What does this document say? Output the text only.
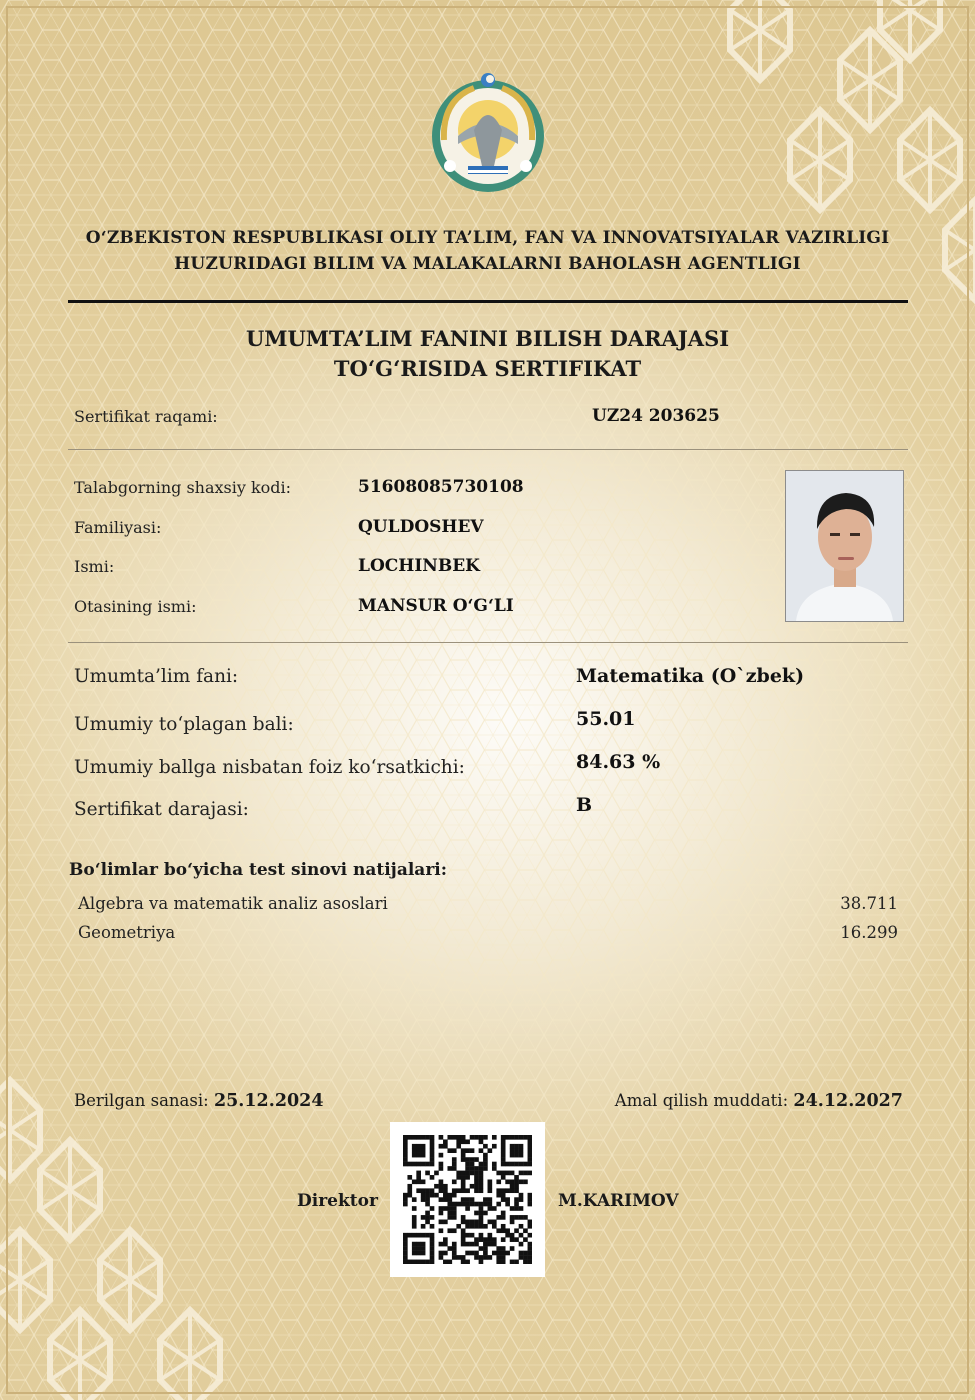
O‘ZBEKISTON RESPUBLIKASI OLIY TA’LIM, FAN VA INNOVATSIYALAR VAZIRLIGI
HUZURIDAGI BILIM VA MALAKALARNI BAHOLASH AGENTLIGI
UMUMTA’LIM FANINI BILISH DARAJASI
TO‘G‘RISIDA SERTIFIKAT
Sertifikat raqami:	UZ24 203625
Talabgorning shaxsiy kodi:	51608085730108
Familiyasi:	QULDOSHEV
Ismi:	LOCHINBEK
Otasining ismi:	MANSUR O‘G‘LI
Umumta’lim fani:	Matematika (O`zbek)
Umumiy to‘plagan bali:	55.01
Umumiy ballga nisbatan foiz ko‘rsatkichi:	84.63 %
Sertifikat darajasi:	B
Bo‘limlar bo‘yicha test sinovi natijalari:
Algebra va matematik analiz asoslari	38.711
Geometriya	16.299
Berilgan sanasi: 25.12.2024	Amal qilish muddati: 24.12.2027
Direktor	M.KARIMOV
